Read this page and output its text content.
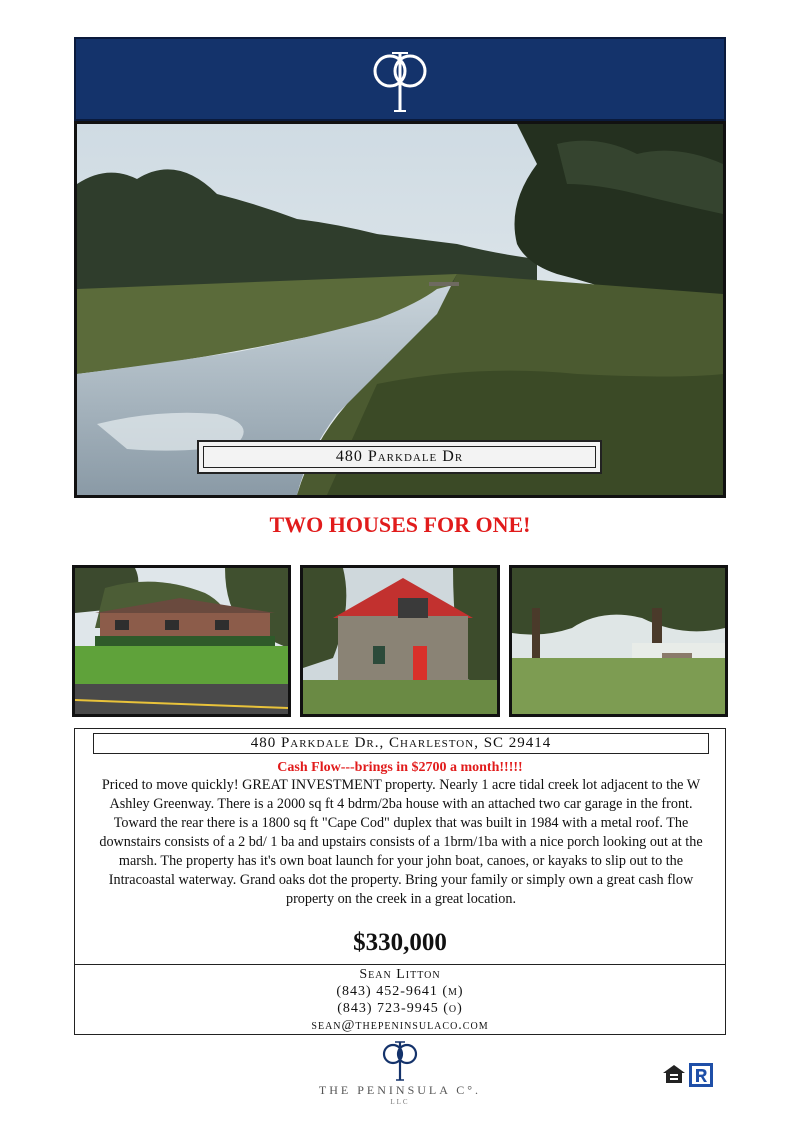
480 Parkdale Dr
TWO HOUSES FOR ONE!
480 Parkdale Dr., Charleston, SC 29414
Cash Flow---brings in $2700 a month!!!!!
Priced to move quickly! GREAT INVESTMENT property. Nearly 1 acre tidal creek lot adjacent to the W Ashley Greenway. There is a 2000 sq ft 4 bdrm/2ba house with an attached two car garage in the front. Toward the rear there is a 1800 sq ft "Cape Cod" duplex that was built in 1984 with a metal roof. The downstairs consists of a 2 bd/ 1 ba and upstairs consists of a 1brm/1ba with a nice porch looking out at the marsh. The property has it's own boat launch for your john boat, canoes, or kayaks to slip out to the Intracoastal waterway. Grand oaks dot the property. Bring your family or simply own a great cash flow property on the creek in a great location.
$330,000
Sean Litton
(843) 452-9641 (m)
(843) 723-9945 (o)
sean@thepeninsulaco.com
THE PENINSULA C°.
LLC
